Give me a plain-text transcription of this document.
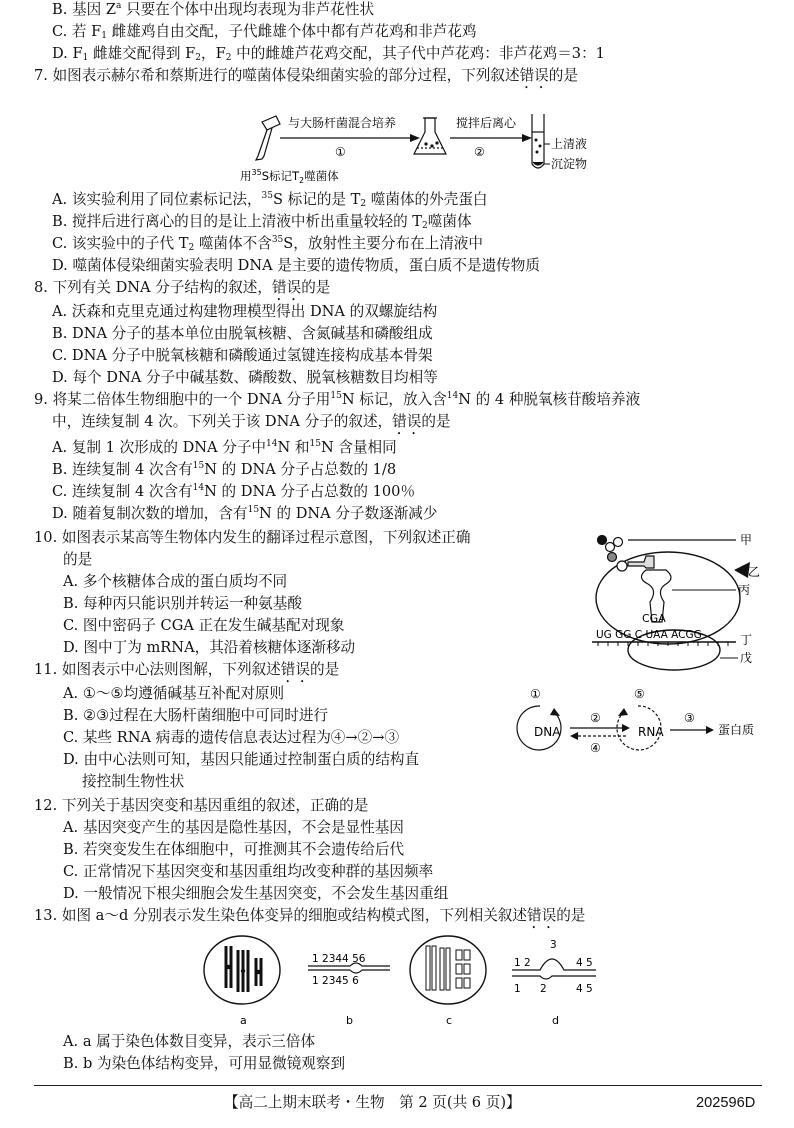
B. 基因 $Z^a$ 只要在个体中出现均表现为非芦花性状
C. 若 $F_1$ 雌雄鸡自由交配，子代雌雄个体中都有芦花鸡和非芦花鸡
D. $F_1$ 雌雄交配得到 $F_2$，$F_2$ 中的雌雄芦花鸡交配，其子代中芦花鸡：非芦花鸡＝3：1
7. 如图表示赫尔希和蔡斯进行的噬菌体侵染细菌实验的部分过程，下列叙述错误的是
与大肠杆菌混合培养
①
搅拌后离心
②
上清液
沉淀物
用$^{35}$S标记$T_2$噬菌体
A. 该实验利用了同位素标记法，$^{35}$S 标记的是 $T_2$ 噬菌体的外壳蛋白
B. 搅拌后进行离心的目的是让上清液中析出重量较轻的 $T_2$噬菌体
C. 该实验中的子代 $T_2$ 噬菌体不含$^{35}$S，放射性主要分布在上清液中
D. 噬菌体侵染细菌实验表明 DNA 是主要的遗传物质，蛋白质不是遗传物质
8. 下列有关 DNA 分子结构的叙述，错误的是
A. 沃森和克里克通过构建物理模型得出 DNA 的双螺旋结构
B. DNA 分子的基本单位由脱氧核糖、含氮碱基和磷酸组成
C. DNA 分子中脱氧核糖和磷酸通过氢键连接构成基本骨架
D. 每个 DNA 分子中碱基数、磷酸数、脱氧核糖数目均相等
9. 将某二倍体生物细胞中的一个 DNA 分子用$^{15}$N 标记，放入含$^{14}$N 的 4 种脱氧核苷酸培养液
中，连续复制 4 次。下列关于该 DNA 分子的叙述，错误的是
A. 复制 1 次形成的 DNA 分子中$^{14}$N 和$^{15}$N 含量相同
B. 连续复制 4 次含有$^{15}$N 的 DNA 分子占总数的 1/8
C. 连续复制 4 次含有$^{14}$N 的 DNA 分子占总数的 100％
D. 随着复制次数的增加，含有$^{15}$N 的 DNA 分子数逐渐减少
10. 如图表示某高等生物体内发生的翻译过程示意图，下列叙述正确
的是
A. 多个核糖体合成的蛋白质均不同
B. 每种丙只能识别并转运一种氨基酸
C. 图中密码子 CGA 正在发生碱基配对现象
D. 图中丁为 mRNA，其沿着核糖体逐渐移动
甲
丙
乙
CGA
UG GG C UAA ACGG	丁
戊
11. 如图表示中心法则图解，下列叙述错误的是
A. ①～⑤均遵循碱基互补配对原则
B. ②③过程在大肠杆菌细胞中可同时进行
C. 某些 RNA 病毒的遗传信息表达过程为④→②→③
D. 由中心法则可知，基因只能通过控制蛋白质的结构直
接控制生物性状
①	⑤
DNA	RNA
②
④
③
蛋白质
12. 下列关于基因突变和基因重组的叙述，正确的是
A. 基因突变产生的基因是隐性基因，不会是显性基因
B. 若突变发生在体细胞中，可推测其不会遗传给后代
C. 正常情况下基因突变和基因重组均改变种群的基因频率
D. 一般情况下根尖细胞会发生基因突变，不会发生基因重组
13. 如图 a～d 分别表示发生染色体变异的细胞或结构模式图，下列相关叙述错误的是
1 2344 56
1 2345 6
3
1 2	4 5
1 2	4 5
a	b	c	d
A. a 属于染色体数目变异，表示三倍体
B. b 为染色体结构变异，可用显微镜观察到
【高二上期末联考・生物　第 2 页(共 6 页)】	202596D
